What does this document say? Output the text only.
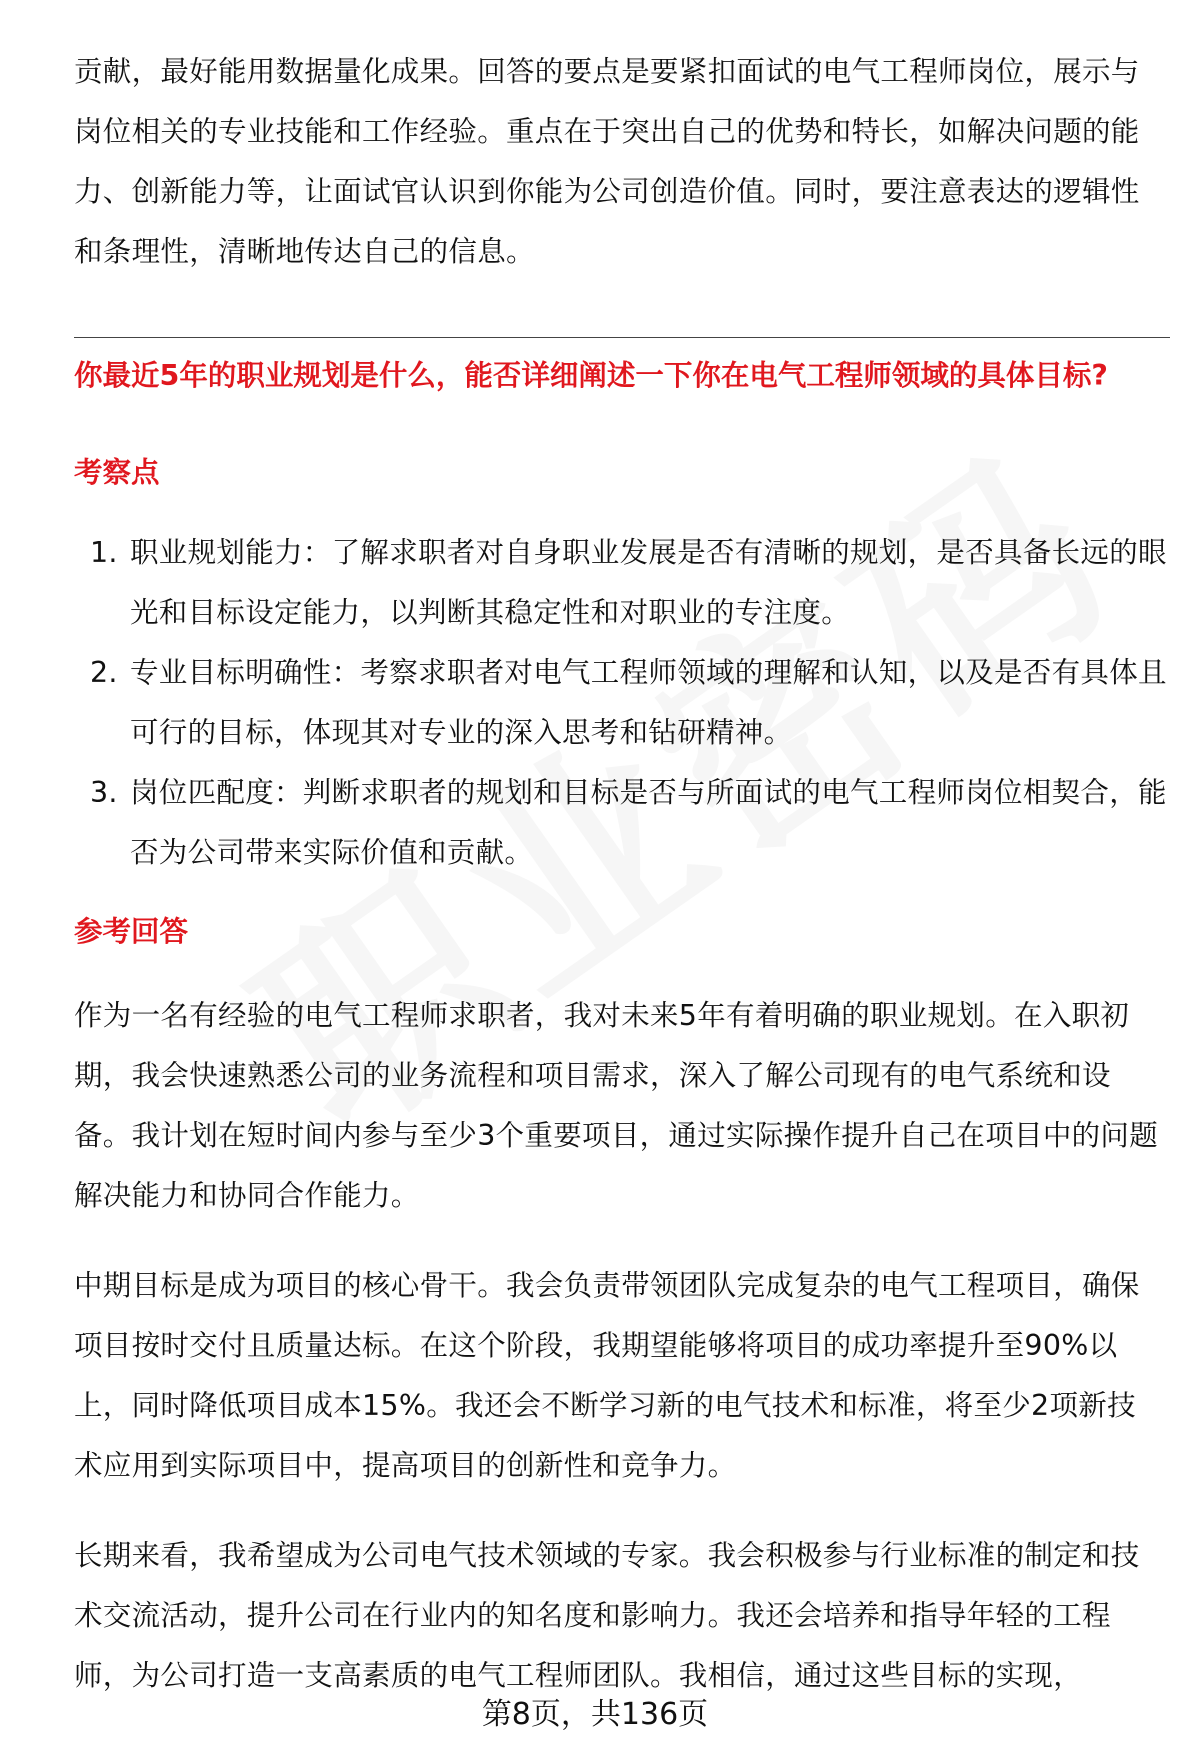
贡献，最好能用数据量化成果。回答的要点是要紧扣面试的电气工程师岗位，展示与岗位相关的专业技能和工作经验。重点在于突出自己的优势和特长，如解决问题的能力、创新能力等，让面试官认识到你能为公司创造价值。同时，要注意表达的逻辑性和条理性，清晰地传达自己的信息。

你最近5年的职业规划是什么，能否详细阐述一下你在电气工程师领域的具体目标?

考察点
1. 职业规划能力：了解求职者对自身职业发展是否有清晰的规划，是否具备长远的眼光和目标设定能力，以判断其稳定性和对职业的专注度。
2. 专业目标明确性：考察求职者对电气工程师领域的理解和认知，以及是否有具体且可行的目标，体现其对专业的深入思考和钻研精神。
3. 岗位匹配度：判断求职者的规划和目标是否与所面试的电气工程师岗位相契合，能否为公司带来实际价值和贡献。
参考回答

作为一名有经验的电气工程师求职者，我对未来5年有着明确的职业规划。在入职初期，我会快速熟悉公司的业务流程和项目需求，深入了解公司现有的电气系统和设备。我计划在短时间内参与至少3个重要项目，通过实际操作提升自己在项目中的问题解决能力和协同合作能力。

中期目标是成为项目的核心骨干。我会负责带领团队完成复杂的电气工程项目，确保项目按时交付且质量达标。在这个阶段，我期望能够将项目的成功率提升至90%以上，同时降低项目成本15%。我还会不断学习新的电气技术和标准，将至少2项新技术应用到实际项目中，提高项目的创新性和竞争力。

长期来看，我希望成为公司电气技术领域的专家。我会积极参与行业标准的制定和技术交流活动，提升公司在行业内的知名度和影响力。我还会培养和指导年轻的工程师，为公司打造一支高素质的电气工程师团队。我相信，通过这些目标的实现，

第8页，共136页
